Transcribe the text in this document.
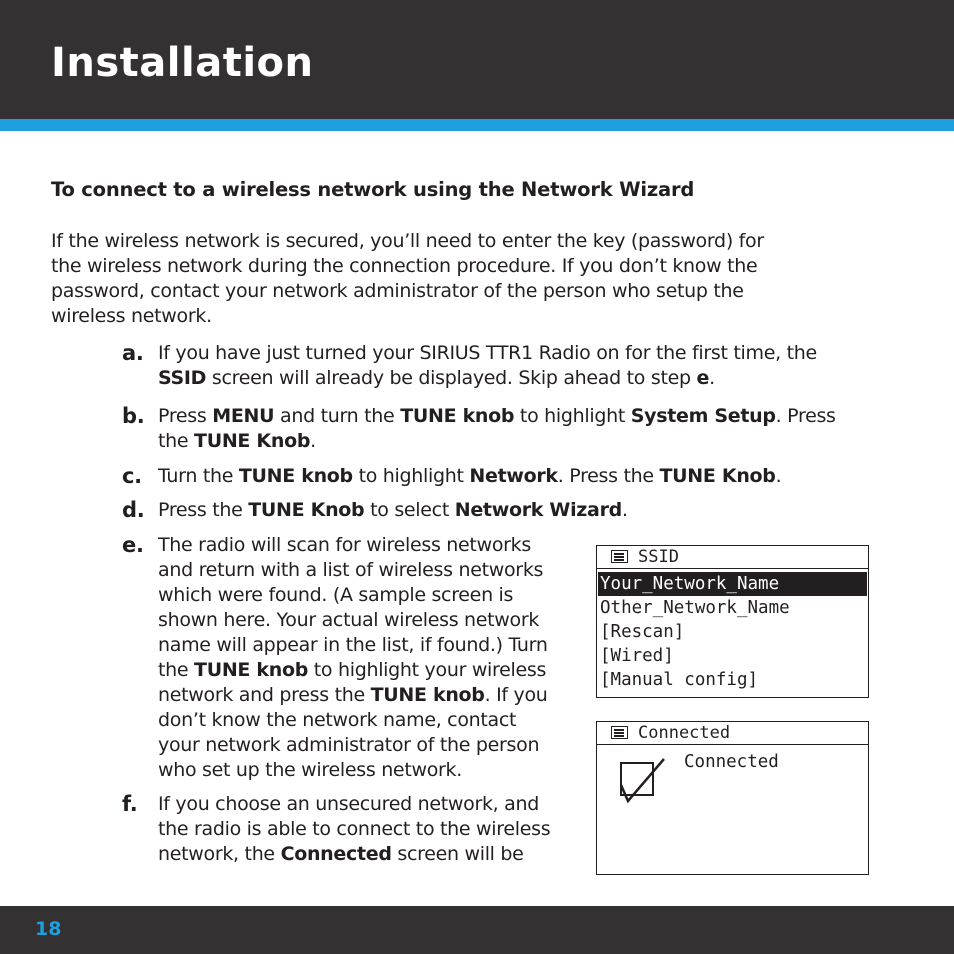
Installation
To connect to a wireless network using the Network Wizard
If the wireless network is secured, you’ll need to enter the key (password) for
the wireless network during the connection procedure. If you don’t know the
password, contact your network administrator of the person who setup the
wireless network.
a. If you have just turned your SIRIUS TTR1 Radio on for the first time, the
SSID screen will already be displayed. Skip ahead to step e.
b. Press MENU and turn the TUNE knob to highlight System Setup. Press
the TUNE Knob.
c. Turn the TUNE knob to highlight Network. Press the TUNE Knob.
d. Press the TUNE Knob to select Network Wizard.
e. The radio will scan for wireless networks
and return with a list of wireless networks
which were found. (A sample screen is
shown here. Your actual wireless network
name will appear in the list, if found.) Turn
the TUNE knob to highlight your wireless
network and press the TUNE knob. If you
don’t know the network name, contact
your network administrator of the person
who set up the wireless network.
f.	If you choose an unsecured network, and
the radio is able to connect to the wireless
network, the Connected screen will be
SSID
Your_Network_Name
Other_Network_Name
[Rescan]
[Wired]
[Manual config]
Connected
Connected
18
